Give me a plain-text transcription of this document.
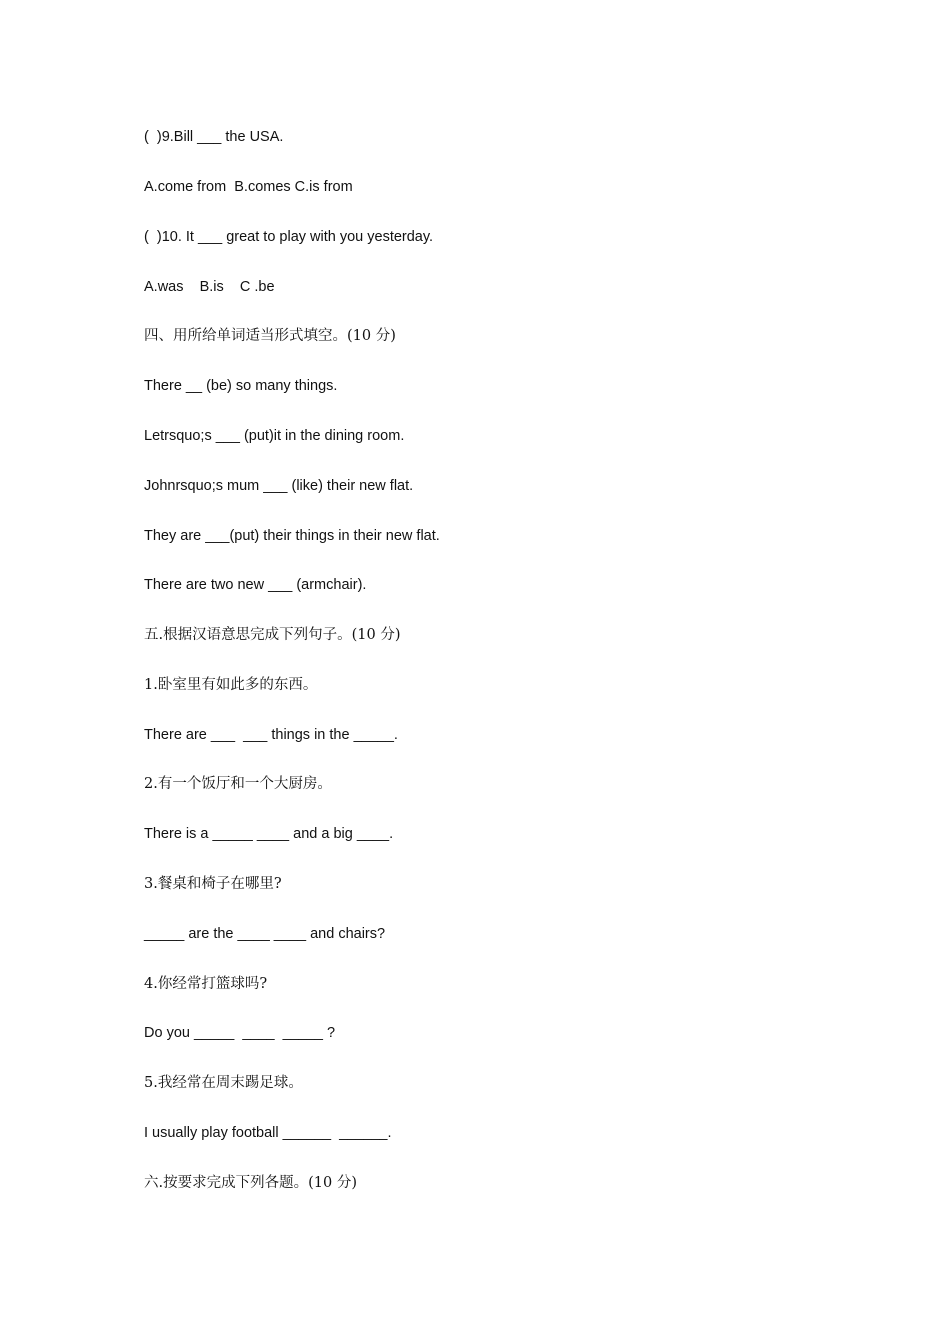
(  )9.Bill ___ the USA.

A.come from  B.comes C.is from

(  )10. It ___ great to play with you yesterday.

A.was    B.is    C .be

四、用所给单词适当形式填空。(10 分)

There __ (be) so many things.

Letrsquo;s ___ (put)it in the dining room.

Johnrsquo;s mum ___ (like) their new flat.

They are ___(put) their things in their new flat.

There are two new ___ (armchair).

五.根据汉语意思完成下列句子。(10 分)

1.卧室里有如此多的东西。

There are ___  ___ things in the _____.

2.有一个饭厅和一个大厨房。

There is a _____ ____ and a big ____.

3.餐桌和椅子在哪里?

_____ are the ____ ____ and chairs?

4.你经常打篮球吗?

Do you _____  ____  _____ ?

5.我经常在周末踢足球。

I usually play football ______  ______.

六.按要求完成下列各题。(10 分)
